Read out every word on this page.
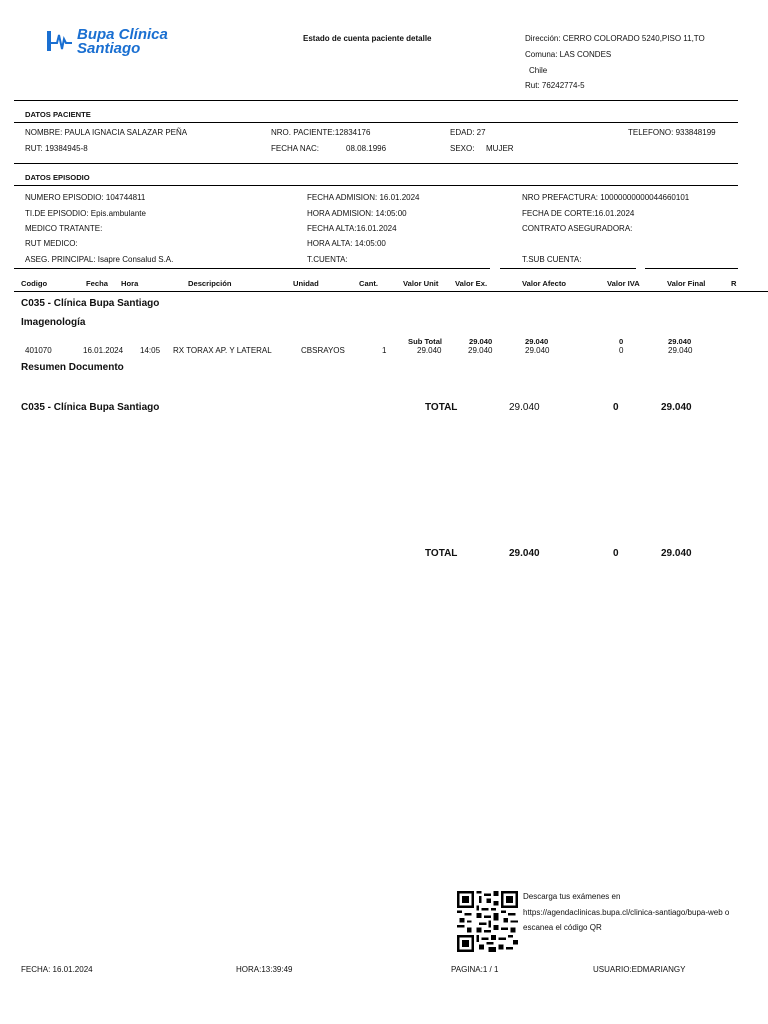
Bupa Clínica
Santiago
Estado de cuenta paciente detalle	Dirección: CERRO COLORADO 5240,PISO 11,TO
Comuna: LAS CONDES
Chile
Rut: 76242774-5
DATOS PACIENTE
NOMBRE: PAULA IGNACIA SALAZAR PEÑA	NRO. PACIENTE:12834176	EDAD: 27	TELEFONO: 933848199
RUT: 19384945-8	FECHA NAC:	08.08.1996	SEXO: MUJER
DATOS EPISODIO
NUMERO EPISODIO: 104744811
TI.DE EPISODIO: Epis.ambulante
MEDICO TRATANTE:
RUT MEDICO:
ASEG. PRINCIPAL: Isapre Consalud S.A.
FECHA ADMISION: 16.01.2024
HORA ADMISION: 14:05:00
FECHA ALTA:16.01.2024
HORA ALTA: 14:05:00
T.CUENTA:
NRO PREFACTURA: 10000000000044660101
FECHA DE CORTE:16.01.2024
CONTRATO ASEGURADORA:
T.SUB CUENTA:
Codigo	Fecha Hora	Descripción	Unidad	Cant.	Valor Unit Valor Ex.	Valor Afecto	Valor IVA	Valor Final	R
C035 - Clínica Bupa Santiago
Imagenología
Sub Total	29.040	29.040	0	29.040
401070	16.01.2024 14:05 RX TORAX AP. Y LATERAL	CBSRAYOS	1	29.040	29.040	29.040	0	29.040
Resumen Documento
C035 - Clínica Bupa Santiago	TOTAL	29.040	0	29.040
TOTAL	29.040	0	29.040
Descarga tus exámenes en
https://agendaclinicas.bupa.cl/clinica-santiago/bupa-web o
escanea el código QR
FECHA: 16.01.2024	HORA:13:39:49	PAGINA:1 / 1	USUARIO:EDMARIANGY
